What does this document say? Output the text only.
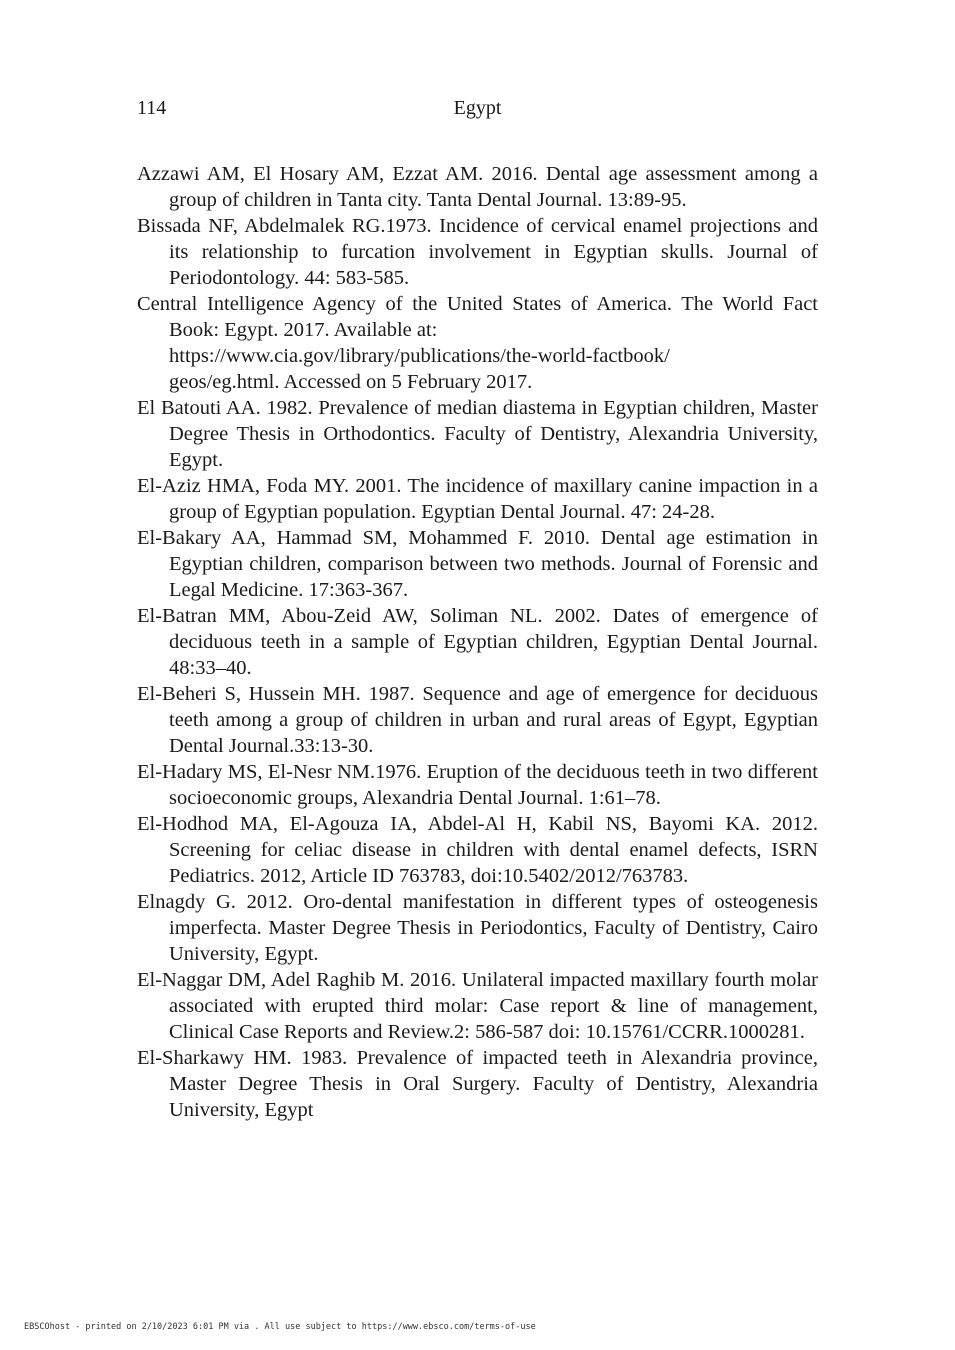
114	Egypt
Azzawi AM, El Hosary AM, Ezzat AM. 2016. Dental age assessment among a group of children in Tanta city. Tanta Dental Journal. 13:89-95.
Bissada NF, Abdelmalek RG.1973. Incidence of cervical enamel projections and its relationship to furcation involvement in Egyptian skulls. Journal of Periodontology. 44: 583-585.
Central Intelligence Agency of the United States of America. The World Fact Book: Egypt. 2017. Available at:
https://www.cia.gov/library/publications/the-world-factbook/
geos/eg.html. Accessed on 5 February 2017.
El Batouti AA. 1982. Prevalence of median diastema in Egyptian children, Master Degree Thesis in Orthodontics. Faculty of Dentistry, Alexandria University, Egypt.
El-Aziz HMA, Foda MY. 2001. The incidence of maxillary canine impaction in a group of Egyptian population. Egyptian Dental Journal. 47: 24-28.
El-Bakary AA, Hammad SM, Mohammed F. 2010. Dental age estimation in Egyptian children, comparison between two methods. Journal of Forensic and Legal Medicine. 17:363-367.
El-Batran MM, Abou-Zeid AW, Soliman NL. 2002. Dates of emergence of deciduous teeth in a sample of Egyptian children, Egyptian Dental Journal. 48:33–40.
El-Beheri S, Hussein MH. 1987. Sequence and age of emergence for deciduous teeth among a group of children in urban and rural areas of Egypt, Egyptian Dental Journal.33:13-30.
El-Hadary MS, El-Nesr NM.1976. Eruption of the deciduous teeth in two different socioeconomic groups, Alexandria Dental Journal. 1:61–78.
El-Hodhod MA, El-Agouza IA, Abdel-Al H, Kabil NS, Bayomi KA. 2012. Screening for celiac disease in children with dental enamel defects, ISRN Pediatrics. 2012, Article ID 763783, doi:10.5402/2012/763783.
Elnagdy G. 2012. Oro-dental manifestation in different types of osteogenesis imperfecta. Master Degree Thesis in Periodontics, Faculty of Dentistry, Cairo University, Egypt.
El-Naggar DM, Adel Raghib M. 2016. Unilateral impacted maxillary fourth molar associated with erupted third molar: Case report & line of management, Clinical Case Reports and Review.2: 586-587 doi: 10.15761/CCRR.1000281.
El-Sharkawy HM. 1983. Prevalence of impacted teeth in Alexandria province, Master Degree Thesis in Oral Surgery. Faculty of Dentistry, Alexandria University, Egypt
EBSCOhost - printed on 2/10/2023 6:01 PM via . All use subject to https://www.ebsco.com/terms-of-use
